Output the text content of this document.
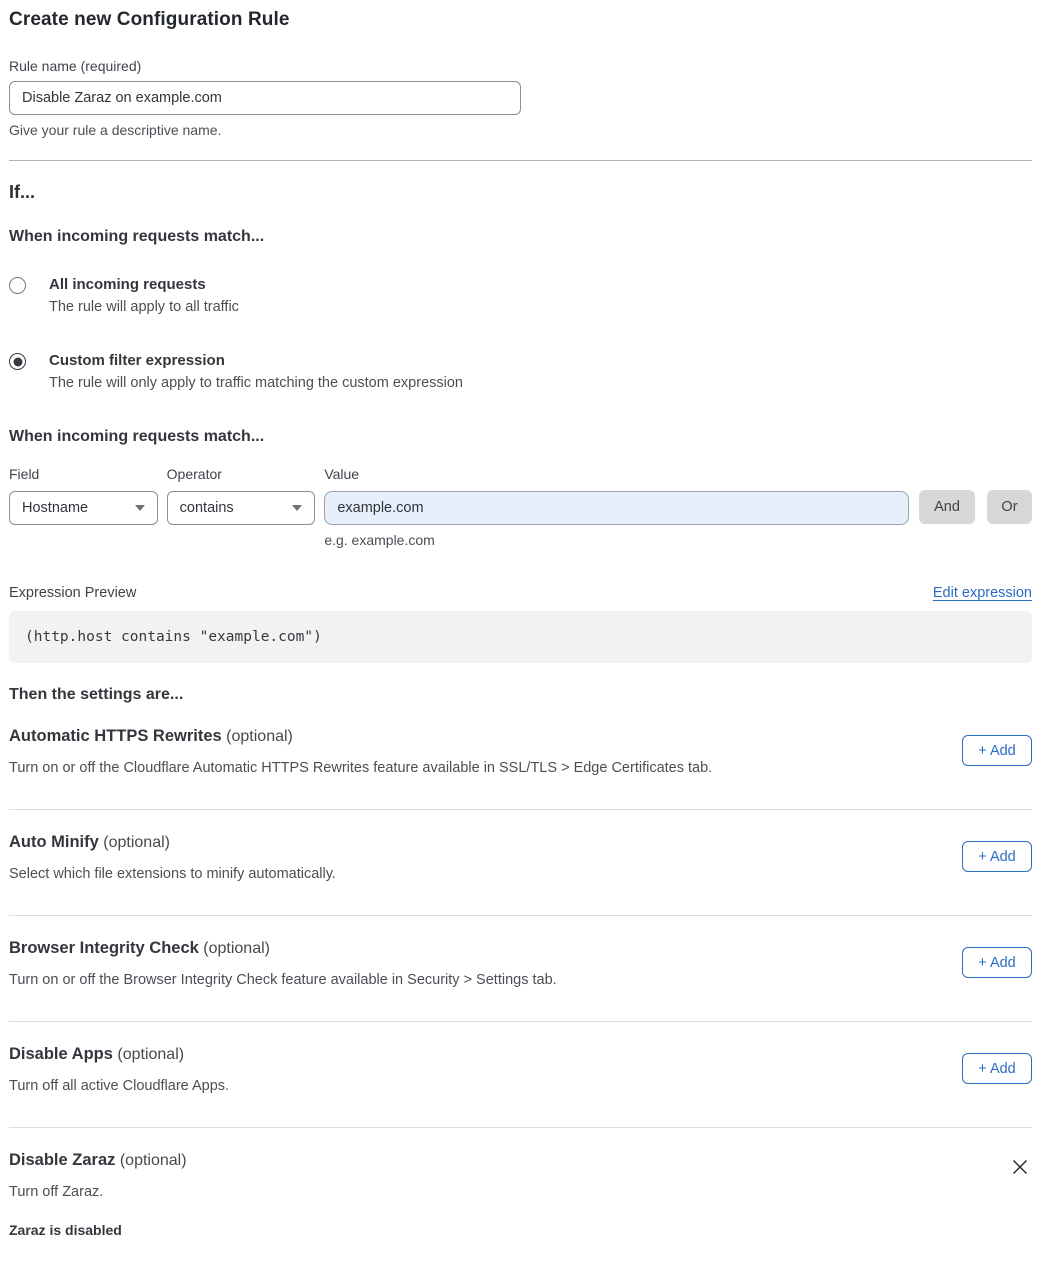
Create new Configuration Rule
Rule name (required)
Disable Zaraz on example.com
Give your rule a descriptive name.
If...
When incoming requests match...
All incoming requests
The rule will apply to all traffic
Custom filter expression
The rule will only apply to traffic matching the custom expression
When incoming requests match...
Field
Hostname
Operator
contains
Value example.com
e.g. example.com
And	Or
Expression Preview	Edit expression
(http.host contains "example.com")
Then the settings are...
Automatic HTTPS Rewrites (optional)
Turn on or off the Cloudflare Automatic HTTPS Rewrites feature available in SSL/TLS > Edge Certificates tab.
+ Add
Auto Minify (optional)
Select which file extensions to minify automatically.
+ Add
Browser Integrity Check (optional)
Turn on or off the Browser Integrity Check feature available in Security > Settings tab.
+ Add
Disable Apps (optional)
Turn off all active Cloudflare Apps.
+ Add
Disable Zaraz (optional)
Turn off Zaraz.
Zaraz is disabled
